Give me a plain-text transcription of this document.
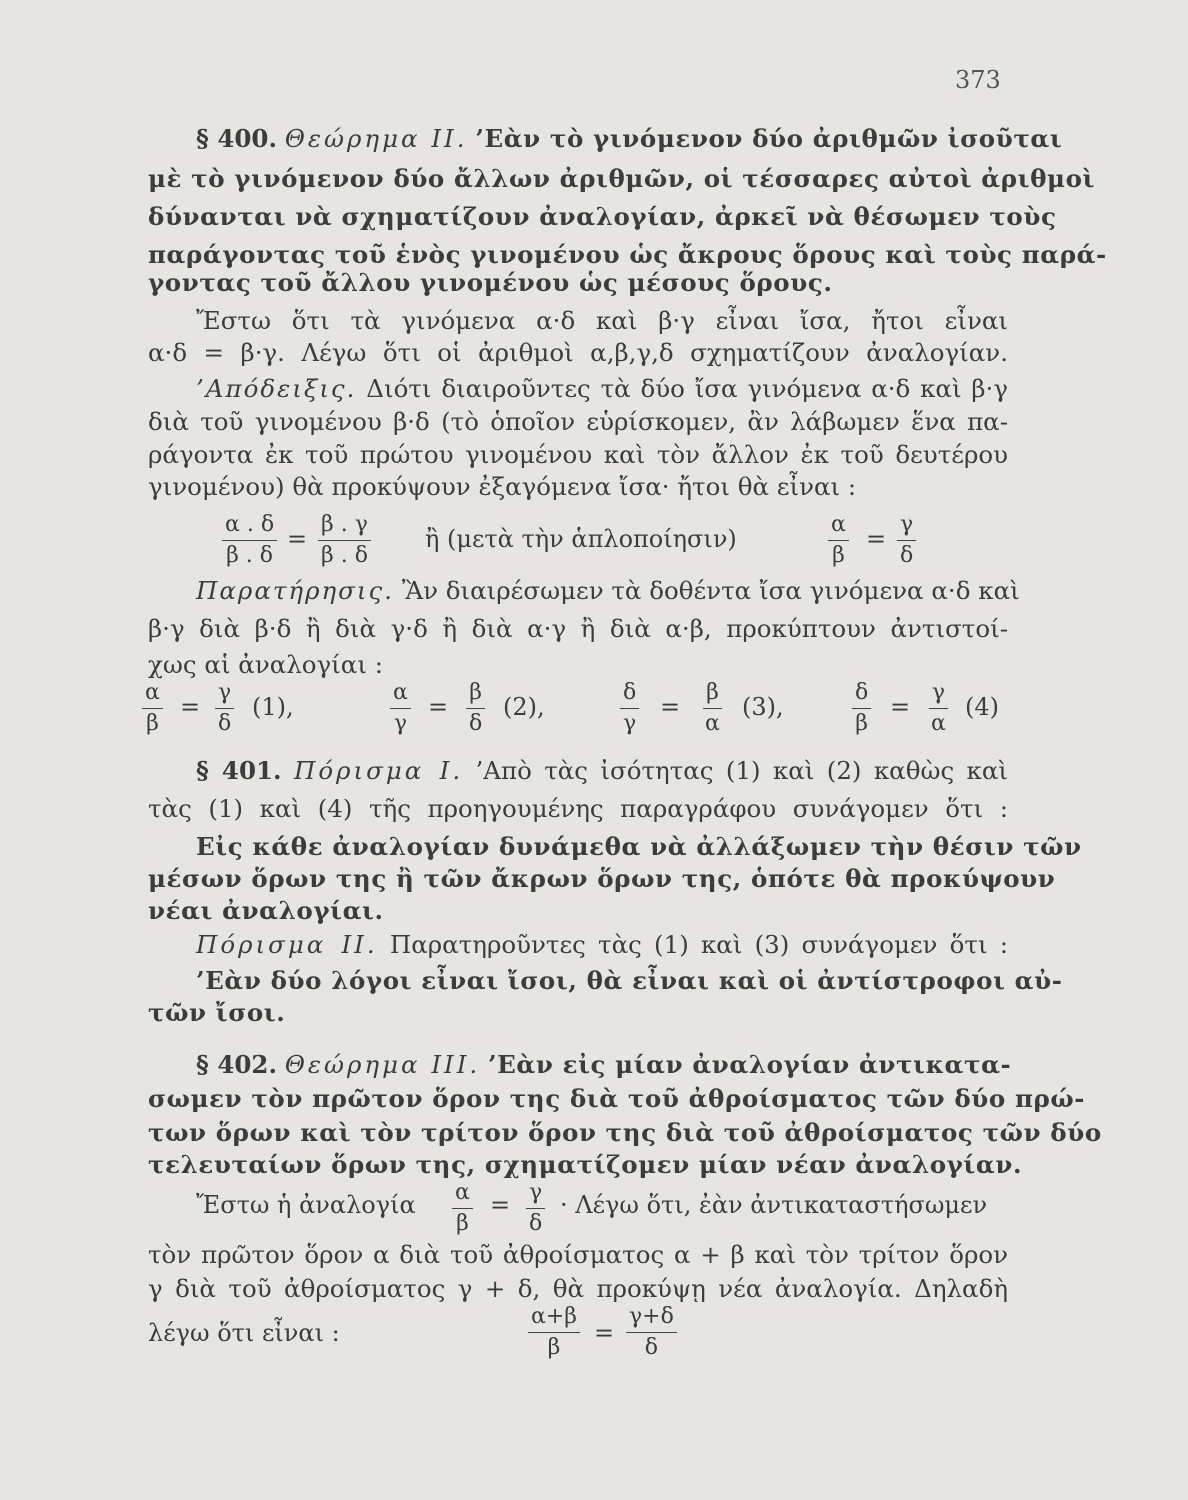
373
§ 400. Θεώρημα ΙΙ. ’Εὰν τὸ γινόμενον δύο ἀριθμῶν ἰσοῦται
μὲ τὸ γινόμενον δύο ἄλλων ἀριθμῶν, οἱ τέσσαρες αὐτοὶ ἀριθμοὶ
δύνανται νὰ σχηματίζουν ἀναλογίαν, ἀρκεῖ νὰ θέσωμεν τοὺς
παράγοντας τοῦ ἑνὸς γινομένου ὡς ἄκρους ὅρους καὶ τοὺς παρά-
γοντας τοῦ ἄλλου γινομένου ὡς μέσους ὅρους.
Ἔστω ὅτι τὰ γινόμενα α·δ καὶ β·γ εἶναι ἴσα, ἤτοι εἶναι
α·δ = β·γ. Λέγω ὅτι οἱ ἀριθμοὶ α,β,γ,δ σχηματίζουν ἀναλογίαν.
’Απόδειξις. Διότι διαιροῦντες τὰ δύο ἴσα γινόμενα α·δ καὶ β·γ
διὰ τοῦ γινομένου β·δ (τὸ ὁποῖον εὑρίσκομεν, ἂν λάβωμεν ἕνα πα-
ράγοντα ἐκ τοῦ πρώτου γινομένου καὶ τὸν ἄλλον ἐκ τοῦ δευτέρου
γινομένου) θὰ προκύψουν ἐξαγόμενα ἴσα· ἤτοι θὰ εἶναι :
$\frac{\alpha . \delta}{\beta . \delta} = \frac{\beta . \gamma}{\beta . \delta}$ ἢ (μετὰ τὴν ἁπλοποίησιν)	$\frac{\alpha}{\beta} = \frac{\gamma}{\delta}$
Παρατήρησις. Ἂν διαιρέσωμεν τὰ δοθέντα ἴσα γινόμενα α·δ καὶ
β·γ διὰ β·δ ἢ διὰ γ·δ ἢ διὰ α·γ ἢ διὰ α·β, προκύπτουν ἀντιστοί-
χως αἱ ἀναλογίαι :
$\frac{\alpha}{\beta} = \frac{\gamma}{\delta} (1)$,	$\frac{\alpha}{\gamma} = \frac{\beta}{\delta} (2)$,	$\frac{\delta}{\gamma} = \frac{\beta}{\alpha} (3)$,	$\frac{\delta}{\beta} = \frac{\gamma}{\alpha} (4)$
§ 401. Πόρισμα Ι. ’Απὸ τὰς ἰσότητας (1) καὶ (2) καθὼς καὶ
τὰς (1) καὶ (4) τῆς προηγουμένης παραγράφου συνάγομεν ὅτι :
Εἰς κάθε ἀναλογίαν δυνάμεθα νὰ ἀλλάξωμεν τὴν θέσιν τῶν
μέσων ὅρων της ἢ τῶν ἄκρων ὅρων της, ὁπότε θὰ προκύψουν
νέαι ἀναλογίαι.
Πόρισμα ΙΙ. Παρατηροῦντες τὰς (1) καὶ (3) συνάγομεν ὅτι :
’Εὰν δύο λόγοι εἶναι ἴσοι, θὰ εἶναι καὶ οἱ ἀντίστροφοι αὐ-
τῶν ἴσοι.
§ 402. Θεώρημα ΙΙΙ. ’Εὰν εἰς μίαν ἀναλογίαν ἀντικατα-
σωμεν τὸν πρῶτον ὅρον της διὰ τοῦ ἀθροίσματος τῶν δύο πρώ-
των ὅρων καὶ τὸν τρίτον ὅρον της διὰ τοῦ ἀθροίσματος τῶν δύο
τελευταίων ὅρων της, σχηματίζομεν μίαν νέαν ἀναλογίαν.
Ἔστω ἡ ἀναλογία $\frac{\alpha}{\beta} = \frac{\gamma}{\delta} \cdot \Lambda έ\gamma\omega$ ὅτι, ἐὰν ἀντικαταστήσωμεν
τὸν πρῶτον ὅρον α διὰ τοῦ ἀθροίσματος α + β καὶ τὸν τρίτον ὅρον
γ διὰ τοῦ ἀθροίσματος γ + δ, θὰ προκύψῃ νέα ἀναλογία. Δηλαδὴ
λέγω ὅτι εἶναι :	$\frac{\alpha+\beta}{\beta} = \frac{\gamma+\delta}{\delta}$
